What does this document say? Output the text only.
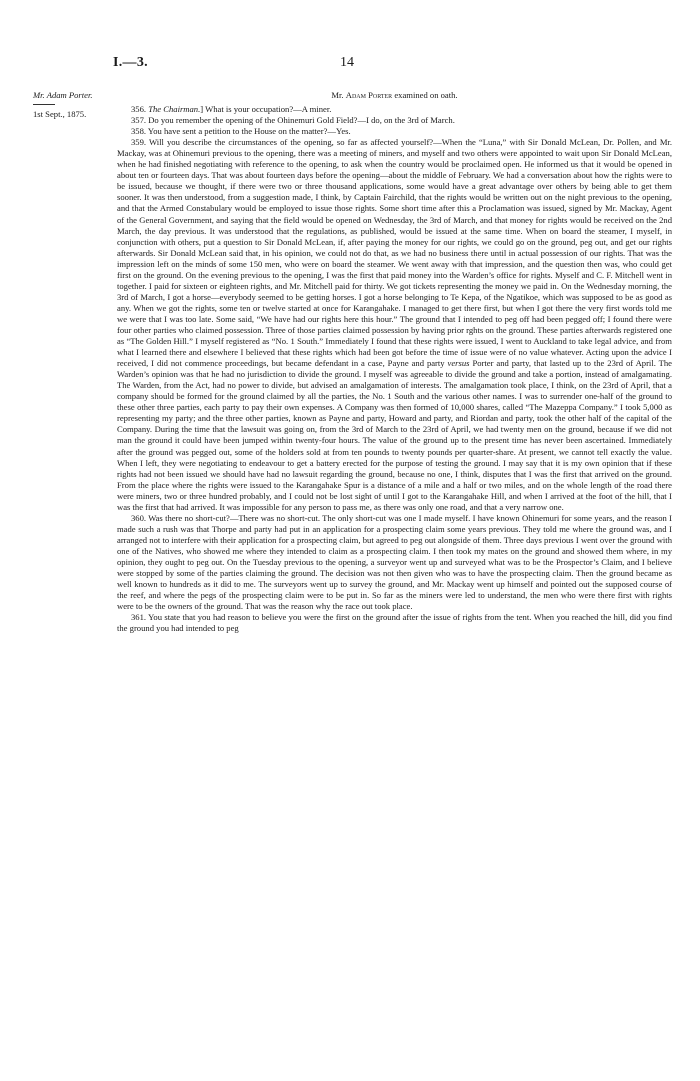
I.—3.	14
Mr. Adam Porter.
1st Sept., 1875.
Mr. Adam Porter examined on oath.

356. The Chairman.] What is your occupation?—A miner.

357. Do you remember the opening of the Ohinemuri Gold Field?—I do, on the 3rd of March.

358. You have sent a petition to the House on the matter?—Yes.

359. Will you describe the circumstances of the opening, so far as affected yourself?—When the “Luna,” with Sir Donald McLean, Dr. Pollen, and Mr. Mackay, was at Ohinemuri previous to the opening, there was a meeting of miners, and myself and two others were appointed to wait upon Sir Donald McLean, when he had finished negotiating with reference to the opening, to ask when the country would be proclaimed open. He informed us that it would be opened in about ten or fourteen days. That was about fourteen days before the opening—about the middle of February. We had a conversation about how the rights were to be issued, because we thought, if there were two or three thousand applications, some would have a great advantage over others by being able to get them sooner. It was then understood, from a suggestion made, I think, by Captain Fairchild, that the rights would be written out on the night previous to the opening, and that the Armed Constabulary would be employed to issue those rights. Some short time after this a Proclamation was issued, signed by Mr. Mackay, Agent of the General Government, and saying that the field would be opened on Wednesday, the 3rd of March, and that money for rights would be received on the 2nd March, the day previous. It was understood that the regulations, as published, would be issued at the same time. When on board the steamer, I myself, in conjunction with others, put a question to Sir Donald McLean, if, after paying the money for our rights, we could go on the ground, peg out, and get our rights afterwards. Sir Donald McLean said that, in his opinion, we could not do that, as we had no business there until in actual possession of our rights. That was the impression left on the minds of some 150 men, who were on board the steamer. We went away with that impression, and the question then was, who could get first on the ground. On the evening previous to the opening, I was the first that paid money into the Warden’s office for rights. Myself and C. F. Mitchell went in together. I paid for sixteen or eighteen rights, and Mr. Mitchell paid for thirty. We got tickets representing the money we paid in. On the Wednesday morning, the 3rd of March, I got a horse—everybody seemed to be getting horses. I got a horse belonging to Te Kepa, of the Ngatikoe, which was supposed to be as good as any. When we got the rights, some ten or twelve started at once for Karangahake. I managed to get there first, but when I got there the very first words told me we were that I was too late. Some said, “We have had our rights here this hour.” The ground that I intended to peg off had been pegged off; I found there were four other parties who claimed possession. Three of those parties claimed possession by having prior rghts on the ground. These parties afterwards registered one as “The Golden Hill.” I myself registered as “No. 1 South.” Immediately I found that these rights were issued, I went to Auckland to take legal advice, and from what I learned there and elsewhere I believed that these rights which had been got before the time of issue were of no value whatever. Acting upon the advice I received, I did not commence proceedings, but became defendant in a case, Payne and party versus Porter and party, that lasted up to the 23rd of April. The Warden’s opinion was that he had no jurisdiction to divide the ground. I myself was agreeable to divide the ground and take a portion, instead of amalgamating. The Warden, from the Act, had no power to divide, but advised an amalgamation of interests. The amalgamation took place, I think, on the 23rd of April, that a company should be formed for the ground claimed by all the parties, the No. 1 South and the various other names. I was to surrender one-half of the ground to these other three parties, each party to pay their own expenses. A Company was then formed of 10,000 shares, called “The Mazeppa Company.” I took 5,000 as representing my party; and the three other parties, known as Payne and party, Howard and party, and Riordan and party, took the other half of the capital of the Company. During the time that the lawsuit was going on, from the 3rd of March to the 23rd of April, we had twenty men on the ground, because if we did not man the ground it could have been jumped within twenty-four hours. The value of the ground up to the present time has never been ascertained. Immediately after the ground was pegged out, some of the holders sold at from ten pounds to twenty pounds per quarter-share. At present, we cannot tell exactly the value. When I left, they were negotiating to endeavour to get a battery erected for the purpose of testing the ground. I may say that it is my own opinion that if these rights had not been issued we should have had no lawsuit regarding the ground, because no one, I think, disputes that I was the first that arrived on the ground. From the place where the rights were issued to the Karangahake Spur is a distance of a mile and a half or two miles, and on the whole length of the road there were miners, two or three hundred probably, and I could not be lost sight of until I got to the Karangahake Hill, and when I arrived at the foot of the hill, that I was the first that had arrived. It was impossible for any person to pass me, as there was only one road, and that a very narrow one.

360. Was there no short-cut?—There was no short-cut. The only short-cut was one I made myself. I have known Ohinemuri for some years, and the reason I made such a rush was that Thorpe and party had put in an application for a prospecting claim some years previous. They told me where the ground was, and I arranged not to interfere with their application for a prospecting claim, but agreed to peg out alongside of them. Three days previous I went over the ground with one of the Natives, who showed me where they intended to claim as a prospecting claim. I then took my mates on the ground and showed them where, in my opinion, they ought to peg out. On the Tuesday previous to the opening, a surveyor went up and surveyed what was to be the Prospector’s Claim, and I believe were stopped by some of the parties claiming the ground. The decision was not then given who was to have the prospecting claim. Then the ground became as well known to hundreds as it did to me. The surveyors went up to survey the ground, and Mr. Mackay went up himself and pointed out the supposed course of the reef, and where the pegs of the prospecting claim were to be put in. So far as the miners were led to understand, the men who were there first with rights were to be the owners of the ground. That was the reason why the race out took place.

361. You state that you had reason to believe you were the first on the ground after the issue of rights from the tent. When you reached the hill, did you find the ground you had intended to peg
